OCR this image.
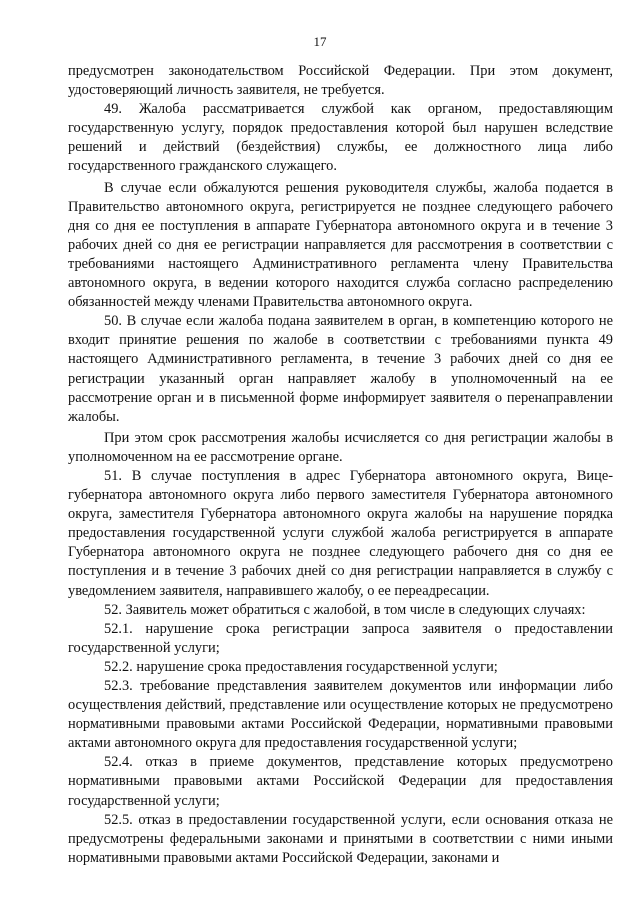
17

предусмотрен законодательством Российской Федерации. При этом документ, удостоверяющий личность заявителя, не требуется.

49. Жалоба рассматривается службой как органом, предоставляющим государственную услугу, порядок предоставления которой был нарушен вследствие решений и действий (бездействия) службы, ее должностного лица либо государственного гражданского служащего.

В случае если обжалуются решения руководителя службы, жалоба подается в Правительство автономного округа, регистрируется не позднее следующего рабочего дня со дня ее поступления в аппарате Губернатора автономного округа и в течение 3 рабочих дней со дня ее регистрации направляется для рассмотрения в соответствии с требованиями настоящего Административного регламента члену Правительства автономного округа, в ведении которого находится служба согласно распределению обязанностей между членами Правительства автономного округа.

50. В случае если жалоба подана заявителем в орган, в компетенцию которого не входит принятие решения по жалобе в соответствии с требованиями пункта 49 настоящего Административного регламента, в течение 3 рабочих дней со дня ее регистрации указанный орган направляет жалобу в уполномоченный на ее рассмотрение орган и в письменной форме информирует заявителя о перенаправлении жалобы.

При этом срок рассмотрения жалобы исчисляется со дня регистрации жалобы в уполномоченном на ее рассмотрение органе.

51. В случае поступления в адрес Губернатора автономного округа, Вице-губернатора автономного округа либо первого заместителя Губернатора автономного округа, заместителя Губернатора автономного округа жалобы на нарушение порядка предоставления государственной услуги службой жалоба регистрируется в аппарате Губернатора автономного округа не позднее следующего рабочего дня со дня ее поступления и в течение 3 рабочих дней со дня регистрации направляется в службу с уведомлением заявителя, направившего жалобу, о ее переадресации.

52. Заявитель может обратиться с жалобой, в том числе в следующих случаях:

52.1. нарушение срока регистрации запроса заявителя о предоставлении государственной услуги;

52.2. нарушение срока предоставления государственной услуги;

52.3. требование представления заявителем документов или информации либо осуществления действий, представление или осуществление которых не предусмотрено нормативными правовыми актами Российской Федерации, нормативными правовыми актами автономного округа для предоставления государственной услуги;

52.4. отказ в приеме документов, представление которых предусмотрено нормативными правовыми актами Российской Федерации для предоставления государственной услуги;

52.5. отказ в предоставлении государственной услуги, если основания отказа не предусмотрены федеральными законами и принятыми в соответствии с ними иными нормативными правовыми актами Российской Федерации, законами и
